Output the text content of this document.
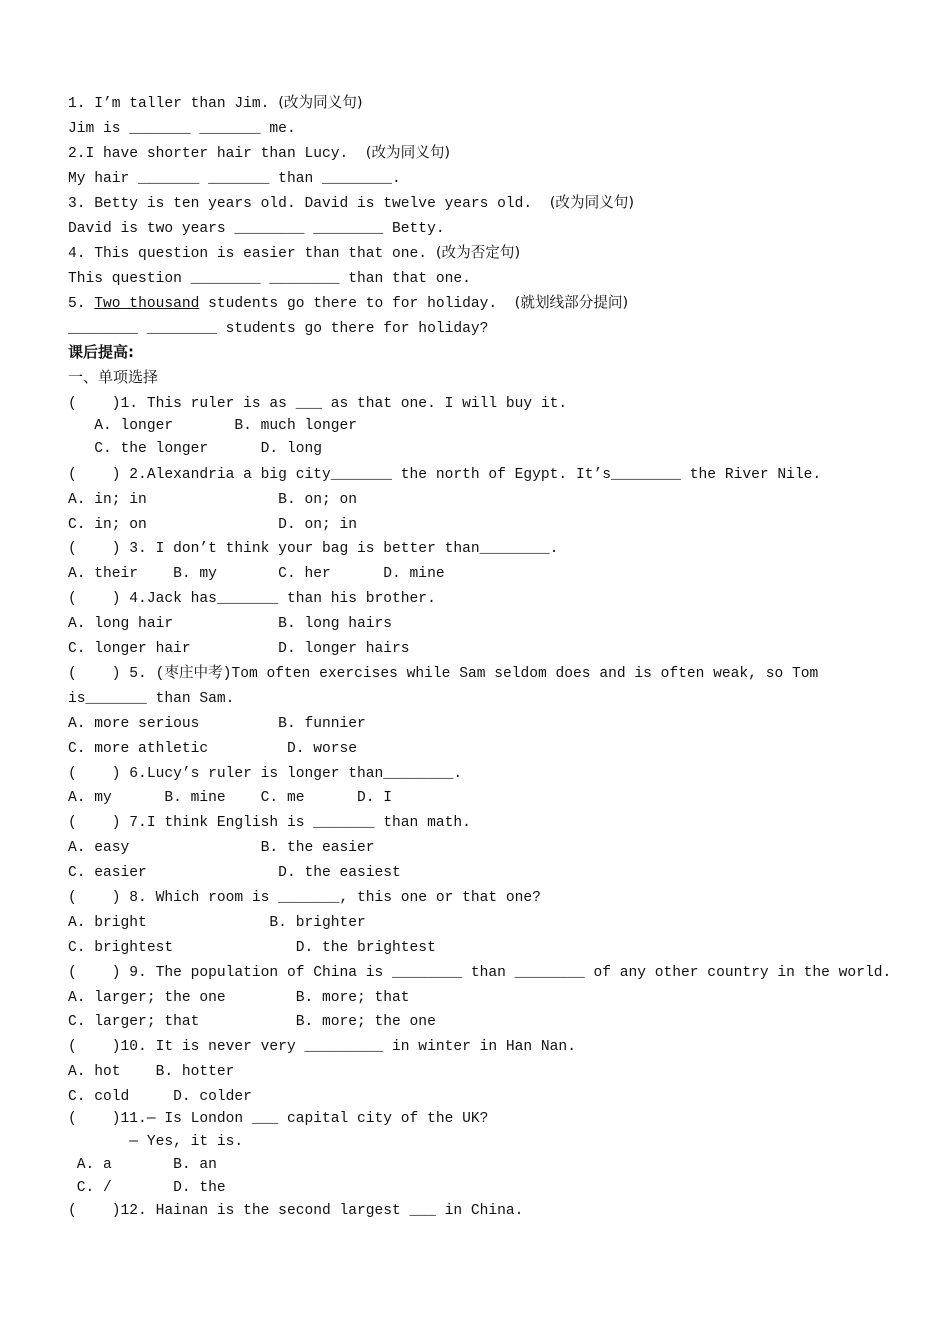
1. I’m taller than Jim. (改为同义句)
Jim is _______ _______ me.
2.I have shorter hair than Lucy.  (改为同义句)
My hair _______ _______ than ________.
3. Betty is ten years old. David is twelve years old.  (改为同义句)
David is two years ________ ________ Betty.
4. This question is easier than that one. (改为否定句)
This question ________ ________ than that one.
5. Two thousand students go there to for holiday.  (就划线部分提问)
________ ________ students go there for holiday?
课后提高:
一、单项选择
(    )1. This ruler is as ___ as that one. I will buy it.
A. longer       B. much longer
C. the longer      D. long
(    ) 2.Alexandria a big city_______ the north of Egypt. It’s________ the River Nile.
A. in; in               B. on; on
C. in; on               D. on; in
(    ) 3. I don’t think your bag is better than________.
A. their    B. my       C. her      D. mine
(    ) 4.Jack has_______ than his brother.
A. long hair            B. long hairs
C. longer hair          D. longer hairs
(    ) 5. (枣庄中考)Tom often exercises while Sam seldom does and is often weak, so Tom
is_______ than Sam.
A. more serious         B. funnier
C. more athletic         D. worse
(    ) 6.Lucy’s ruler is longer than________.
A. my      B. mine    C. me      D. I
(    ) 7.I think English is _______ than math.
A. easy               B. the easier
C. easier               D. the easiest
(    ) 8. Which room is _______, this one or that one?
A. bright              B. brighter
C. brightest              D. the brightest
(    ) 9. The population of China is ________ than ________ of any other country in the world.
A. larger; the one        B. more; that
C. larger; that           B. more; the one
(    )10. It is never very _________ in winter in Han Nan.
A. hot    B. hotter
C. cold     D. colder
(    )11.— Is London ___ capital city of the UK?
— Yes, it is.
A. a       B. an
C. /       D. the
(    )12. Hainan is the second largest ___ in China.
